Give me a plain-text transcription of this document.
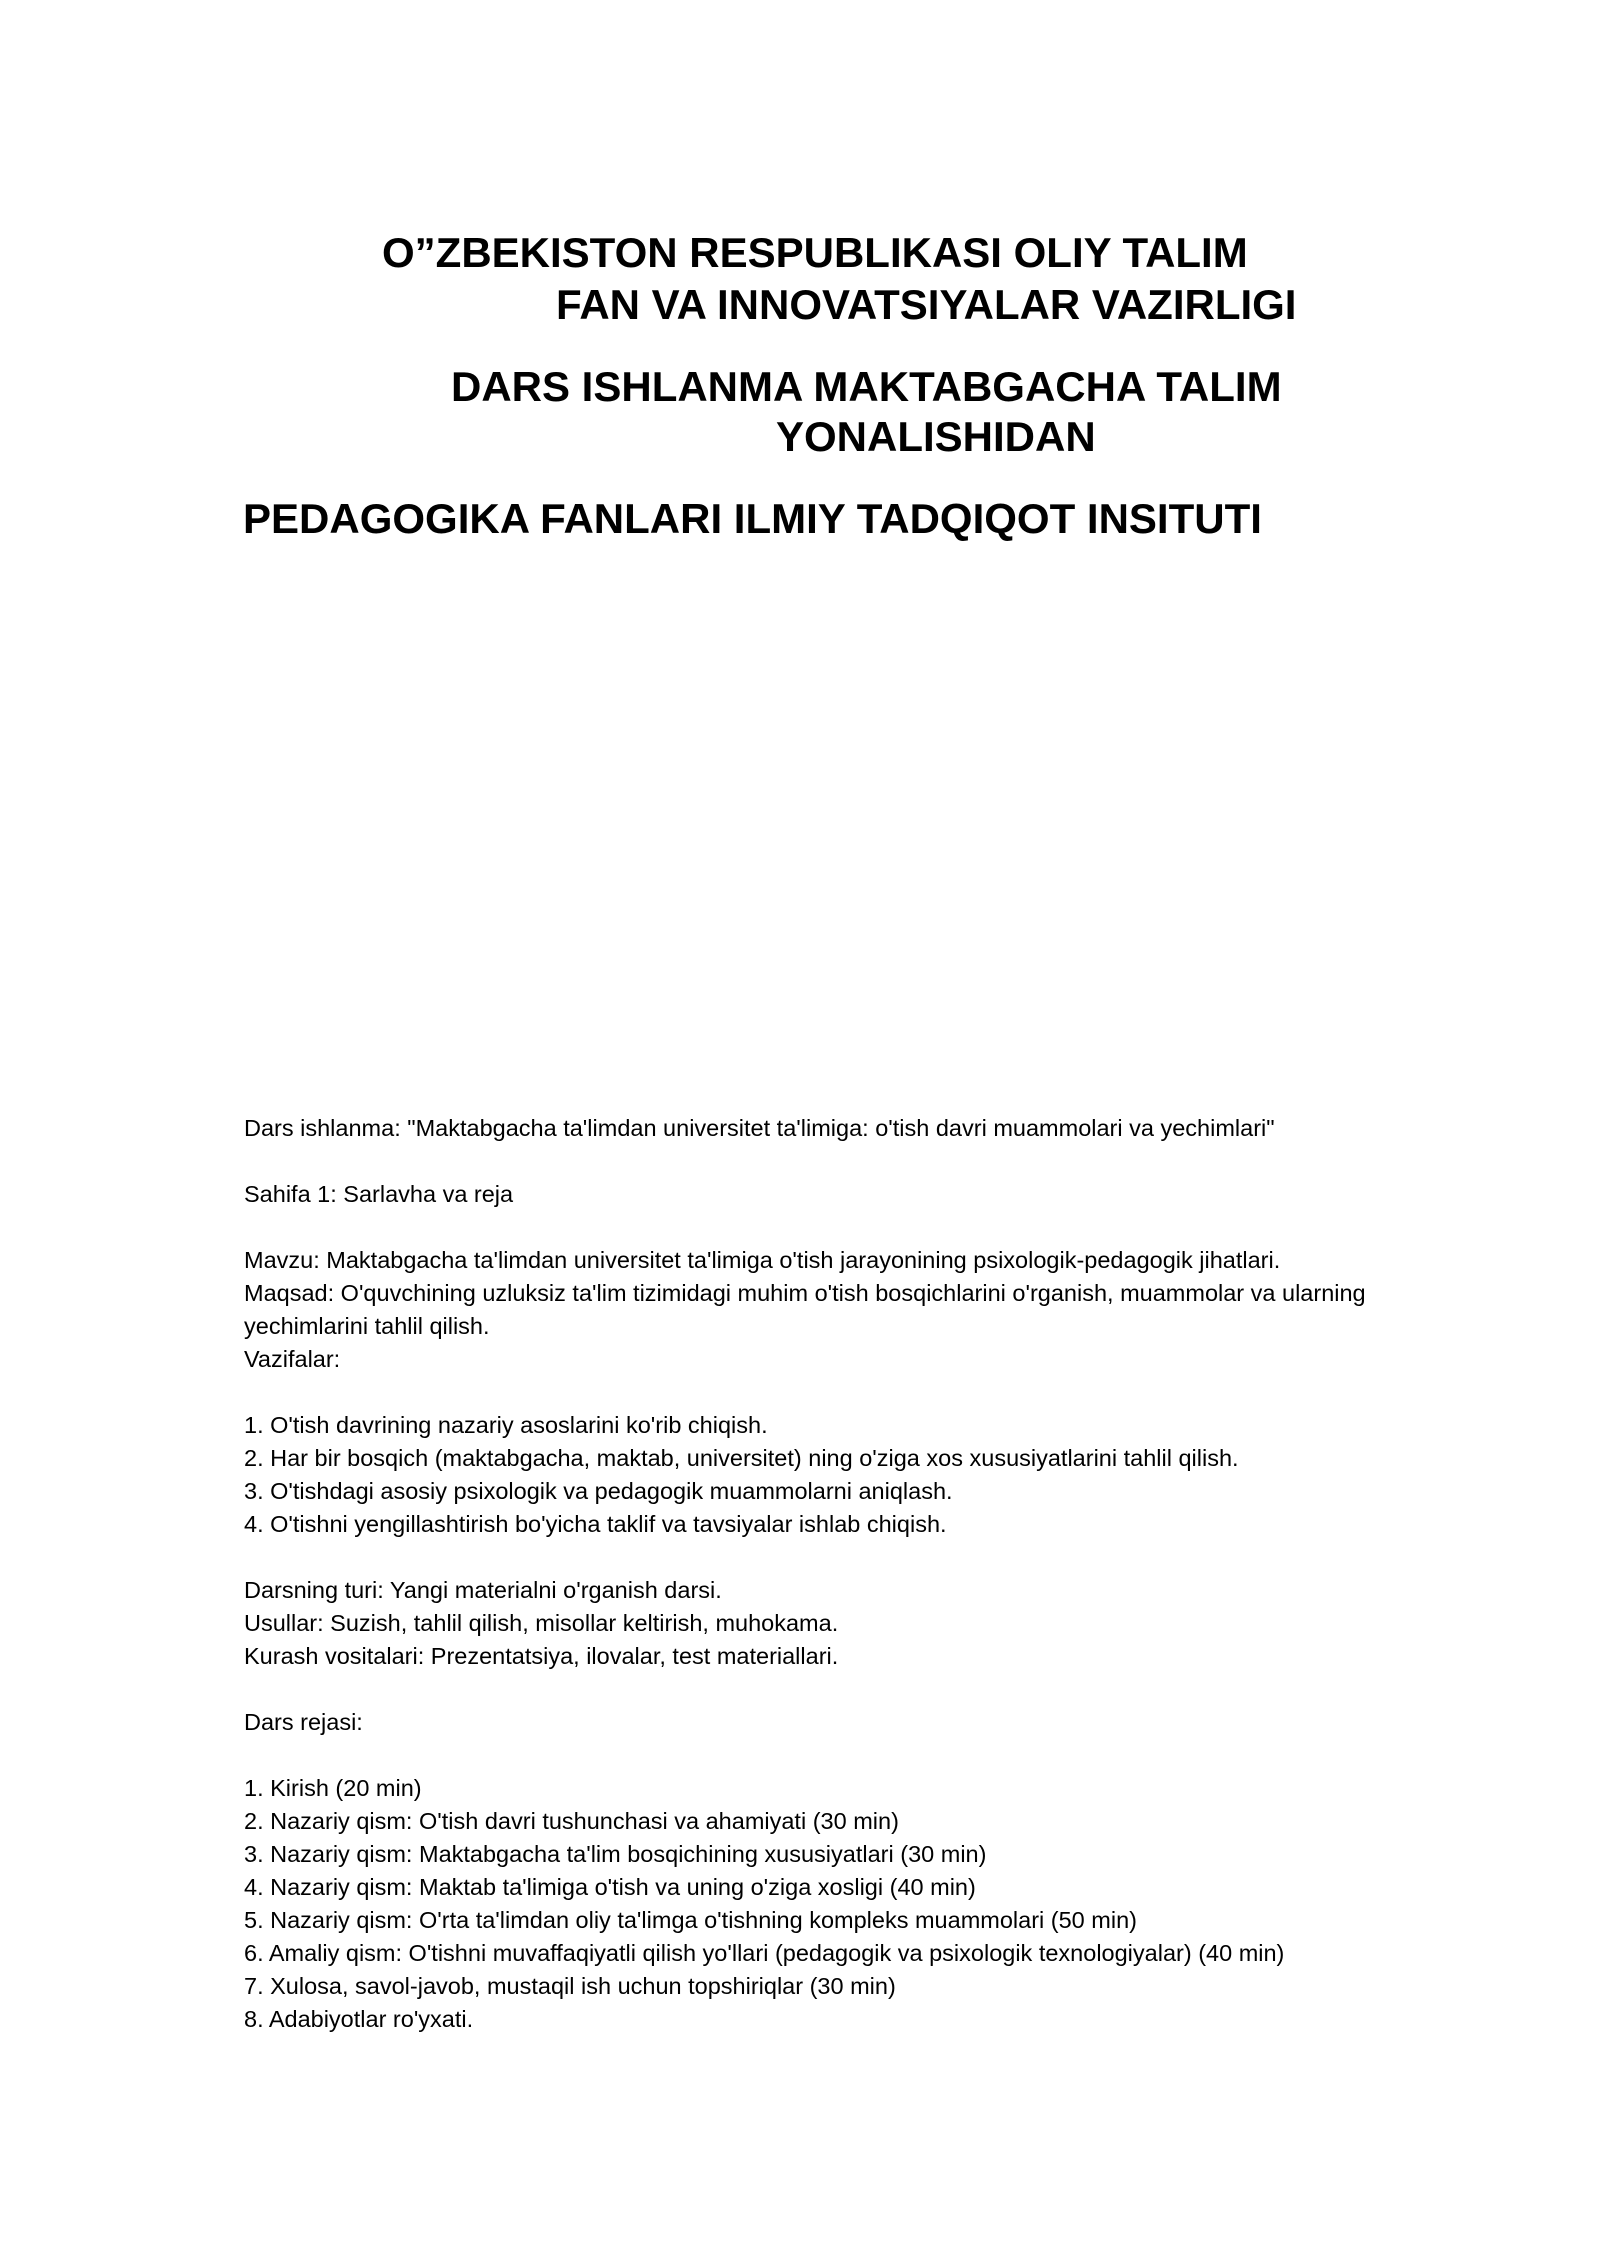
O”ZBEKISTON RESPUBLIKASI OLIY TALIM

FAN VA INNOVATSIYALAR VAZIRLIGI

DARS ISHLANMA MAKTABGACHA TALIM

YONALISHIDAN

PEDAGOGIKA FANLARI ILMIY TADQIQOT INSITUTI

Dars ishlanma: "Maktabgacha ta'limdan universitet ta'limiga: o'tish davri muammolari va yechimlari"

Sahifa 1: Sarlavha va reja

Mavzu: Maktabgacha ta'limdan universitet ta'limiga o'tish jarayonining psixologik-pedagogik jihatlari.
Maqsad: O'quvchining uzluksiz ta'lim tizimidagi muhim o'tish bosqichlarini o'rganish, muammolar va ularning yechimlarini tahlil qilish.
Vazifalar:
1. O'tish davrining nazariy asoslarini ko'rib chiqish.
2. Har bir bosqich (maktabgacha, maktab, universitet) ning o'ziga xos xususiyatlarini tahlil qilish.
3. O'tishdagi asosiy psixologik va pedagogik muammolarni aniqlash.
4. O'tishni yengillashtirish bo'yicha taklif va tavsiyalar ishlab chiqish.
Darsning turi: Yangi materialni o'rganish darsi.
Usullar: Suzish, tahlil qilish, misollar keltirish, muhokama.
Kurash vositalari: Prezentatsiya, ilovalar, test materiallari.

Dars rejasi:

1. Kirish (20 min)
2. Nazariy qism: O'tish davri tushunchasi va ahamiyati (30 min)
3. Nazariy qism: Maktabgacha ta'lim bosqichining xususiyatlari (30 min)
4. Nazariy qism: Maktab ta'limiga o'tish va uning o'ziga xosligi (40 min)
5. Nazariy qism: O'rta ta'limdan oliy ta'limga o'tishning kompleks muammolari (50 min)
6. Amaliy qism: O'tishni muvaffaqiyatli qilish yo'llari (pedagogik va psixologik texnologiyalar) (40 min)
7. Xulosa, savol-javob, mustaqil ish uchun topshiriqlar (30 min)
8. Adabiyotlar ro'yxati.
